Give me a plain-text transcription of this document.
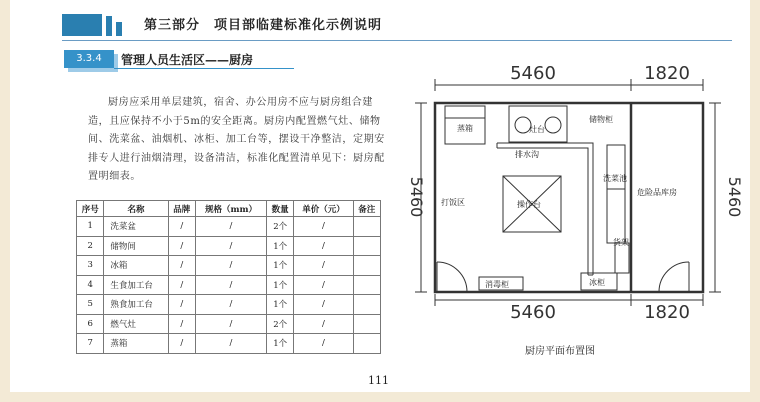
第三部分　项目部临建标准化示例说明
3.3.4	管理人员生活区——厨房
厨房应采用单层建筑，宿舍、办公用房不应与厨房组合建造，且应保持不小于5m的安全距离。厨房内配置燃气灶、储物间、洗菜盆、油烟机、冰柜、加工台等，摆设干净整洁，定期安排专人进行油烟清理，设备清洁，标准化配置清单见下：厨房配置明细表。
序号	名称	品牌	规格（mm）	数量	单价（元）	备注
1	洗菜盆	/	/	2个	/	
2	储物间	/	/	1个	/	
3	冰箱	/	/	1个	/	
4	生食加工台	/	/	1个	/	
5	熟食加工台	/	/	1个	/	
6	燃气灶	/	/	2个	/	
7	蒸箱	/	/	1个	/	
5460	1820
5460	1820
5460	5460
蒸箱	灶台
储物柜
排水沟
操作台
打饭区
洗菜池
危险品库房
消毒柜	冰柜
货架
厨房平面布置图
111
